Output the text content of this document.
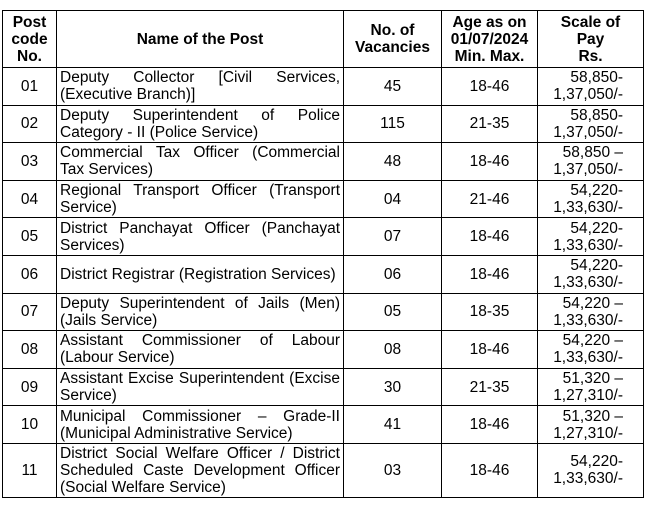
Post
code
No.	Name of the Post	No. of
Vacancies	Age as on
01/07/2024
Min. Max.	Scale of
Pay
Rs.
01	Deputy Collector [Civil Services, (Executive Branch)]	45	18-46	58,850-
1,37,050/-
02	Deputy Superintendent of Police Category - II (Police Service)	115	21-35	58,850-
1,37,050/-
03	Commercial Tax Officer (Commercial Tax Services)	48	18-46	58,850 –
1,37,050/-
04	Regional Transport Officer (Transport Service)	04	21-46	54,220-
1,33,630/-
05	District Panchayat Officer (Panchayat Services)	07	18-46	54,220-
1,33,630/-
06	District Registrar (Registration Services)	06	18-46	54,220-
1,33,630/-
07	Deputy Superintendent of Jails (Men) (Jails Service)	05	18-35	54,220 –
1,33,630/-
08	Assistant Commissioner of Labour (Labour Service)	08	18-46	54,220 –
1,33,630/-
09	Assistant Excise Superintendent (Excise Service)	30	21-35	51,320 –
1,27,310/-
10	Municipal Commissioner – Grade-II (Municipal Administrative Service)	41	18-46	51,320 –
1,27,310/-
11	District Social Welfare Officer / District Scheduled Caste Development Officer (Social Welfare Service)	03	18-46	54,220-
1,33,630/-
